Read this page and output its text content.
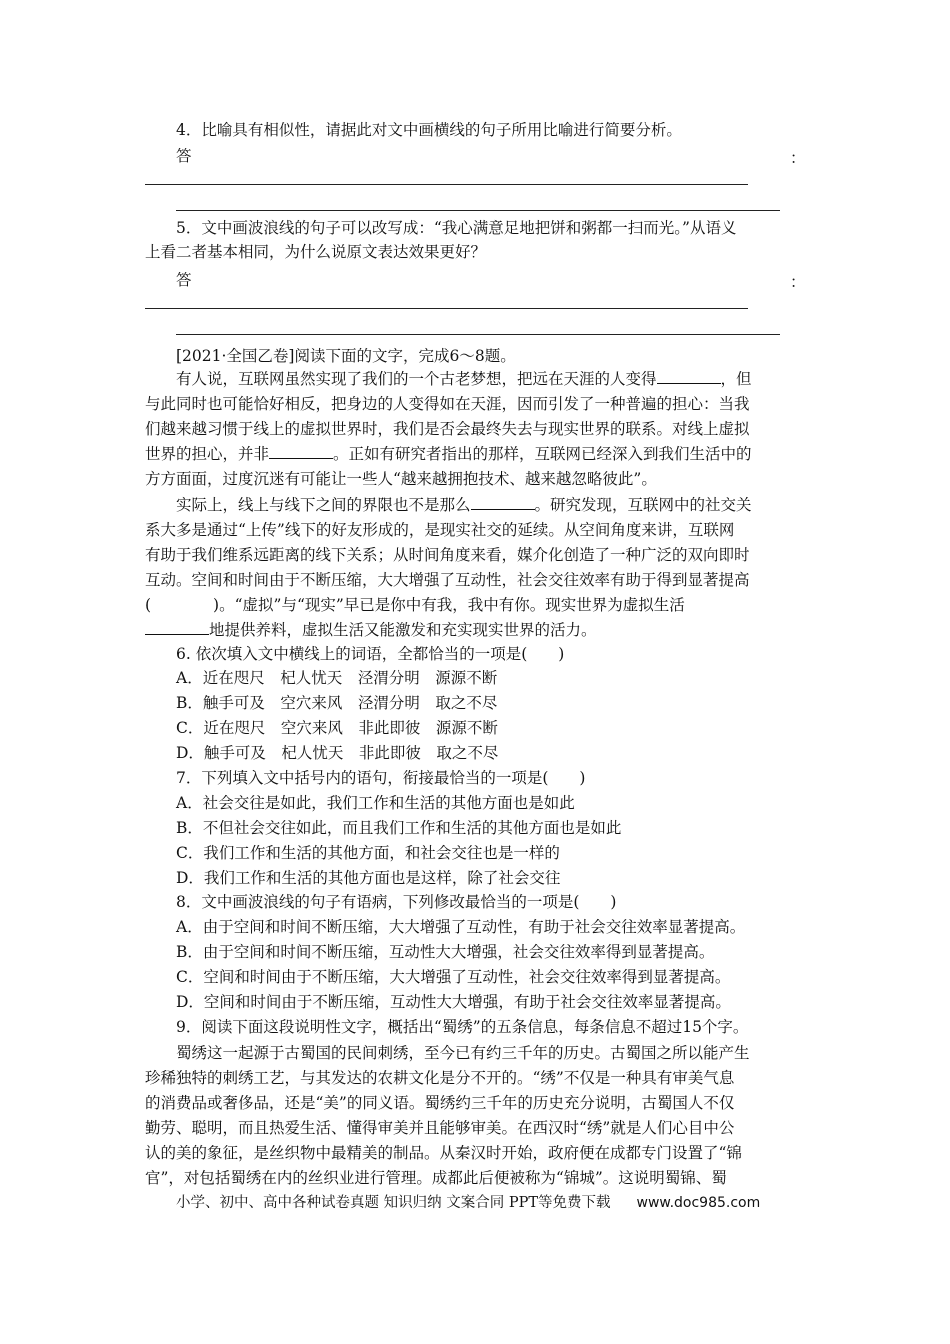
4．比喻具有相似性，请据此对文中画横线的句子所用比喻进行简要分析。
答	：
5．文中画波浪线的句子可以改写成：“我心满意足地把饼和粥都一扫而光。”从语义
上看二者基本相同，为什么说原文表达效果更好？
答	：
[2021·全国乙卷]阅读下面的文字，完成6～8题。
有人说，互联网虽然实现了我们的一个古老梦想，把远在天涯的人变得	，但
与此同时也可能恰好相反，把身边的人变得如在天涯，因而引发了一种普遍的担心：当我
们越来越习惯于线上的虚拟世界时，我们是否会最终失去与现实世界的联系。对线上虚拟
世界的担心，并非	。正如有研究者指出的那样，互联网已经深入到我们生活中的
方方面面，过度沉迷有可能让一些人“越来越拥抱技术、越来越忽略彼此”。
实际上，线上与线下之间的界限也不是那么	。研究发现，互联网中的社交关
系大多是通过“上传”线下的好友形成的，是现实社交的延续。从空间角度来讲，互联网
有助于我们维系远距离的线下关系；从时间角度来看，媒介化创造了一种广泛的双向即时
互动。空间和时间由于不断压缩，大大增强了互动性，社会交往效率有助于得到显著提高
(　　　　)。“虚拟”与“现实”早已是你中有我，我中有你。现实世界为虚拟生活
地提供养料，虚拟生活又能激发和充实现实世界的活力。
6. 依次填入文中横线上的词语，全都恰当的一项是(　　)
A．近在咫尺　杞人忧天　泾渭分明　源源不断
B．触手可及　空穴来风　泾渭分明　取之不尽
C．近在咫尺　空穴来风　非此即彼　源源不断
D．触手可及　杞人忧天　非此即彼　取之不尽
7．下列填入文中括号内的语句，衔接最恰当的一项是(　　)
A．社会交往是如此，我们工作和生活的其他方面也是如此
B．不但社会交往如此，而且我们工作和生活的其他方面也是如此
C．我们工作和生活的其他方面，和社会交往也是一样的
D．我们工作和生活的其他方面也是这样，除了社会交往
8．文中画波浪线的句子有语病，下列修改最恰当的一项是(　　)
A．由于空间和时间不断压缩，大大增强了互动性，有助于社会交往效率显著提高。
B．由于空间和时间不断压缩，互动性大大增强，社会交往效率得到显著提高。
C．空间和时间由于不断压缩，大大增强了互动性，社会交往效率得到显著提高。
D．空间和时间由于不断压缩，互动性大大增强，有助于社会交往效率显著提高。
9．阅读下面这段说明性文字，概括出“蜀绣”的五条信息，每条信息不超过15个字。
蜀绣这一起源于古蜀国的民间刺绣，至今已有约三千年的历史。古蜀国之所以能产生
珍稀独特的刺绣工艺，与其发达的农耕文化是分不开的。“绣”不仅是一种具有审美气息
的消费品或奢侈品，还是“美”的同义语。蜀绣约三千年的历史充分说明，古蜀国人不仅
勤劳、聪明，而且热爱生活、懂得审美并且能够审美。在西汉时“绣”就是人们心目中公
认的美的象征，是丝织物中最精美的制品。从秦汉时开始，政府便在成都专门设置了“锦
官”，对包括蜀绣在内的丝织业进行管理。成都此后便被称为“锦城”。这说明蜀锦、蜀
小学、初中、高中各种试卷真题 知识归纳 文案合同 PPT等免费下载 www.doc985.com
